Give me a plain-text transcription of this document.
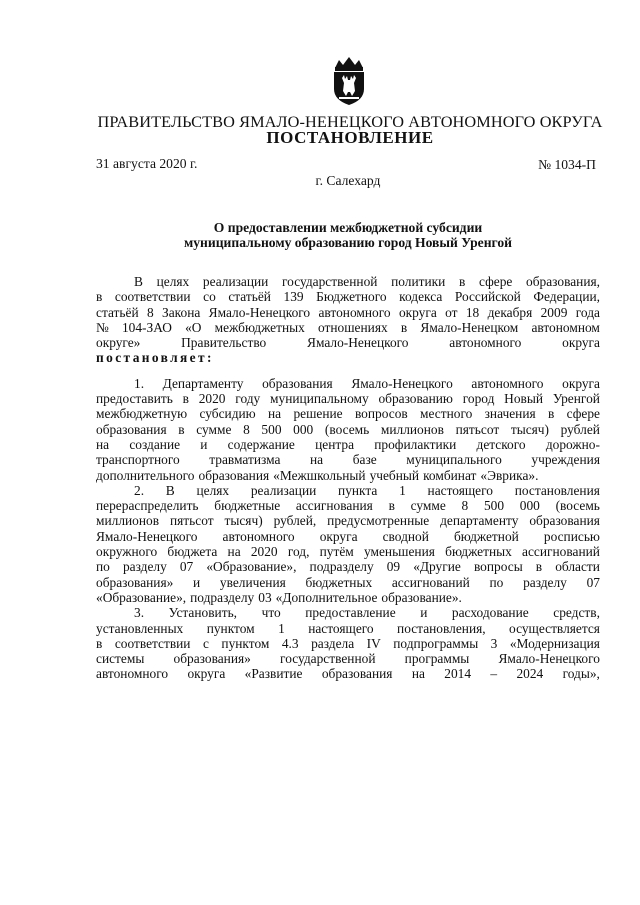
ПРАВИТЕЛЬСТВО ЯМАЛО-НЕНЕЦКОГО АВТОНОМНОГО ОКРУГА
ПОСТАНОВЛЕНИЕ
31 августа 2020 г.	№ 1034-П
г. Салехард
О предоставлении межбюджетной субсидии
муниципальному образованию город Новый Уренгой
В целях реализации государственной политики в сфере образования,
в соответствии со статьёй 139 Бюджетного кодекса Российской Федерации,
статьёй 8 Закона Ямало-Ненецкого автономного округа от 18 декабря 2009 года
№ 104-ЗАО «О межбюджетных отношениях в Ямало-Ненецком автономном
округе»	Правительство	Ямало-Ненецкого	автономного	округа
постановляет:
1. Департаменту образования Ямало-Ненецкого автономного округа
предоставить в 2020 году муниципальному образованию город Новый Уренгой
межбюджетную субсидию на решение вопросов местного значения в сфере
образования в сумме 8 500 000 (восемь миллионов пятьсот тысяч) рублей
на создание и содержание центра профилактики детского дорожно-
транспортного травматизма на базе муниципального учреждения
дополнительного образования «Межшкольный учебный комбинат «Эврика».
2. В целях реализации пункта 1 настоящего постановления
перераспределить бюджетные ассигнования в сумме 8 500 000 (восемь
миллионов пятьсот тысяч) рублей, предусмотренные департаменту образования
Ямало-Ненецкого автономного округа сводной бюджетной росписью
окружного бюджета на 2020 год, путём уменьшения бюджетных ассигнований
по разделу 07 «Образование», подразделу 09 «Другие вопросы в области
образования» и увеличения бюджетных ассигнований по разделу 07
«Образование», подразделу 03 «Дополнительное образование».
3. Установить, что предоставление и расходование средств,
установленных пунктом 1 настоящего постановления, осуществляется
в соответствии с пунктом 4.3 раздела IV подпрограммы 3 «Модернизация
системы образования» государственной программы Ямало-Ненецкого
автономного округа «Развитие образования на 2014 – 2024 годы»,
